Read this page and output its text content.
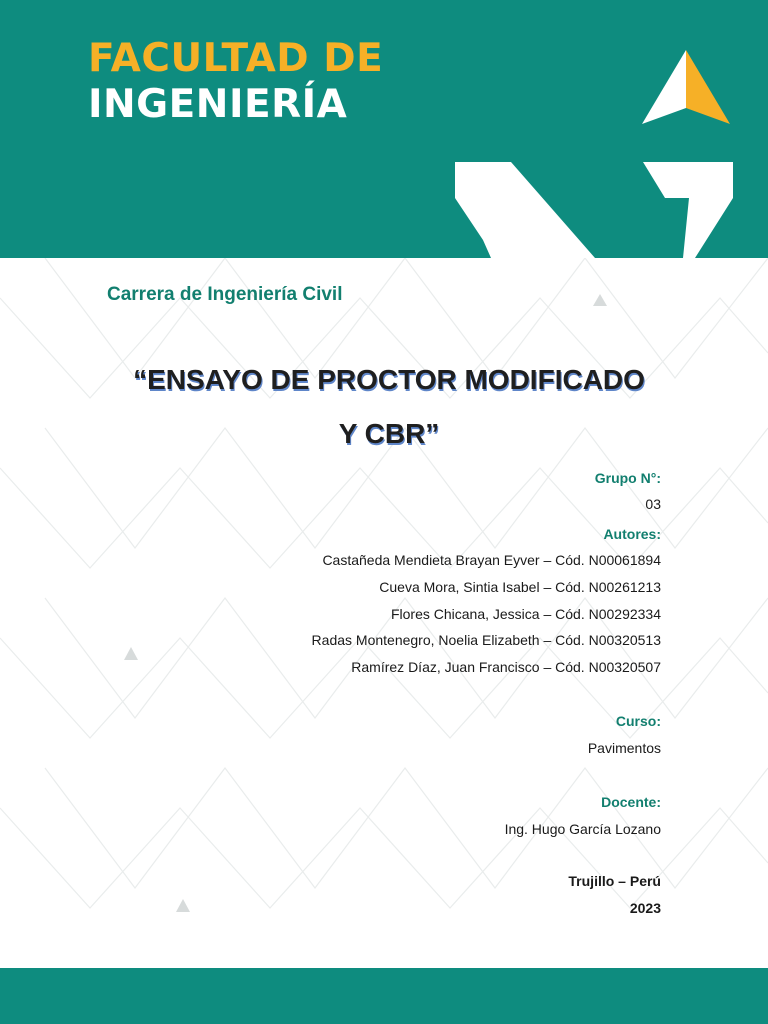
FACULTAD DE
INGENIERÍA
Carrera de Ingeniería Civil
“ENSAYO DE PROCTOR MODIFICADO
Y CBR”
Grupo N°:
03
Autores:
Castañeda Mendieta Brayan Eyver – Cód. N00061894
Cueva Mora, Sintia Isabel – Cód. N00261213
Flores Chicana, Jessica – Cód. N00292334
Radas Montenegro, Noelia Elizabeth – Cód. N00320513
Ramírez Díaz, Juan Francisco – Cód. N00320507
Curso:
Pavimentos
Docente:
Ing. Hugo García Lozano
Trujillo – Perú
2023
